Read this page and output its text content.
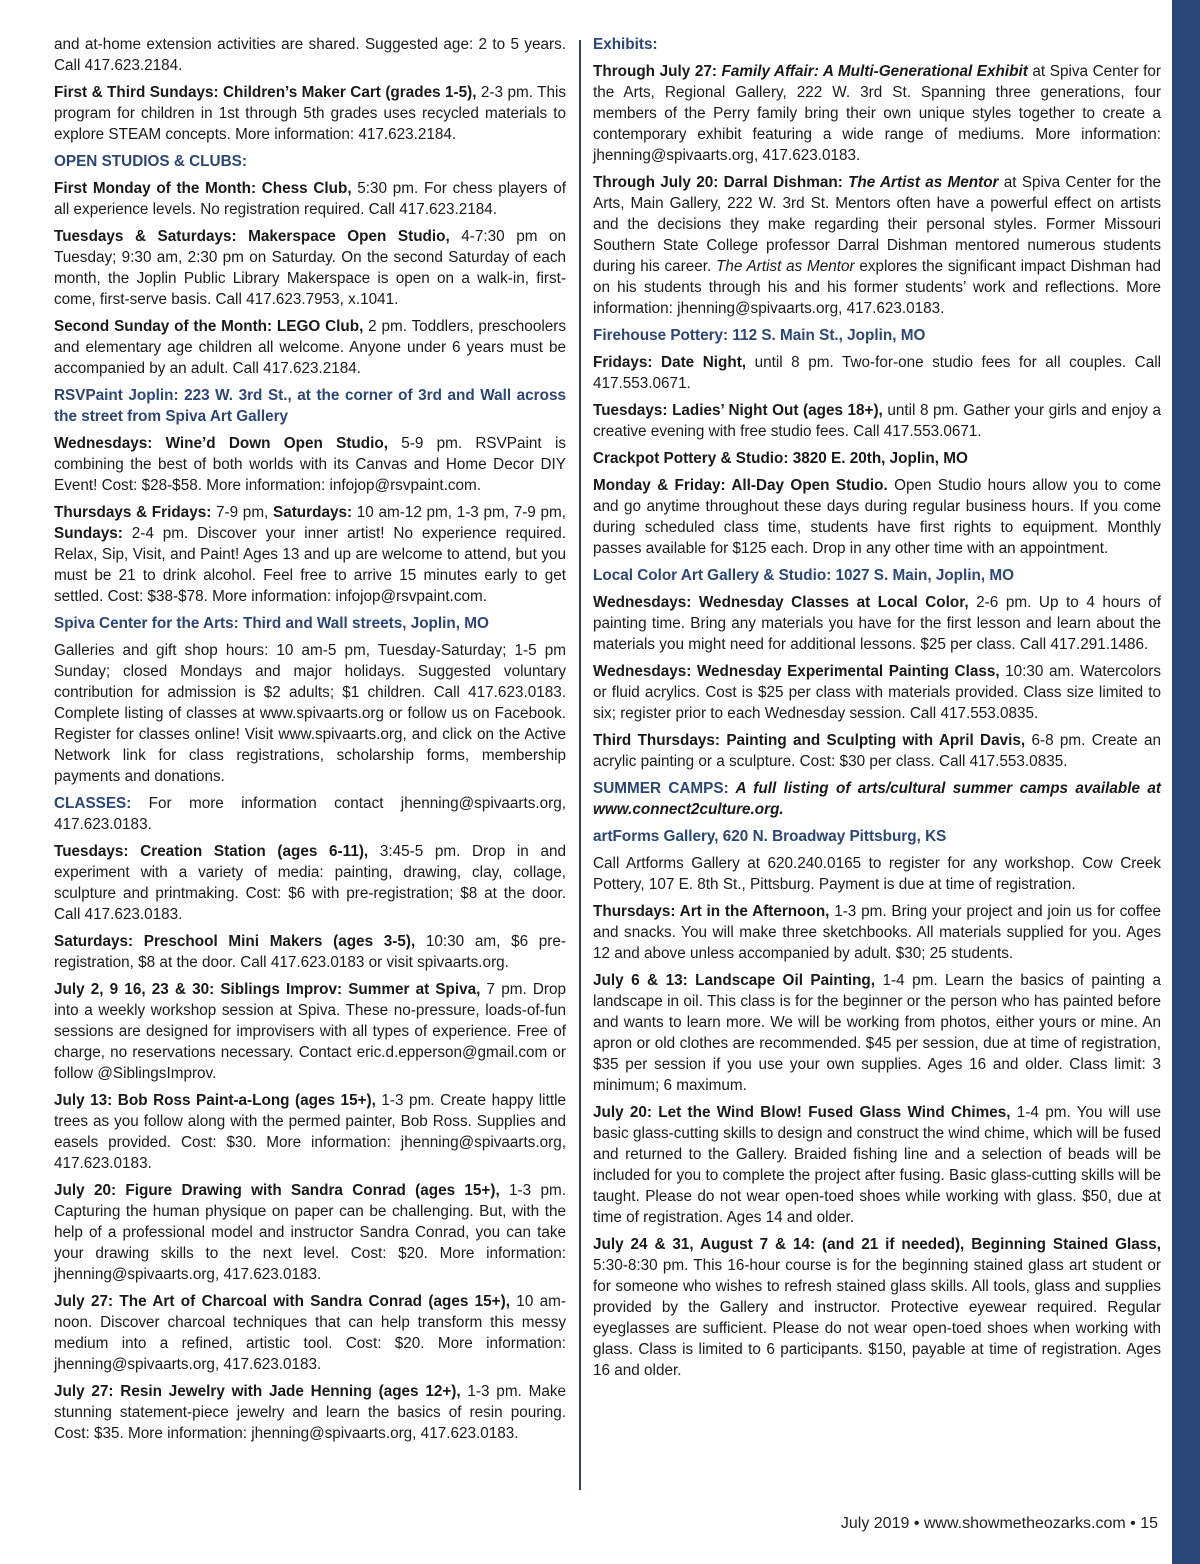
and at-home extension activities are shared. Suggested age: 2 to 5 years. Call 417.623.2184.

First & Third Sundays: Children’s Maker Cart (grades 1-5), 2-3 pm. This program for children in 1st through 5th grades uses recycled materials to explore STEAM concepts. More information: 417.623.2184.

OPEN STUDIOS & CLUBS:

First Monday of the Month: Chess Club, 5:30 pm. For chess players of all experience levels. No registration required. Call 417.623.2184.

Tuesdays & Saturdays: Makerspace Open Studio, 4-7:30 pm on Tuesday; 9:30 am, 2:30 pm on Saturday. On the second Saturday of each month, the Joplin Public Library Makerspace is open on a walk-in, first-come, first-serve basis. Call 417.623.7953, x.1041.

Second Sunday of the Month: LEGO Club, 2 pm. Toddlers, preschoolers and elementary age children all welcome. Anyone under 6 years must be accompanied by an adult. Call 417.623.2184.

RSVPaint Joplin: 223 W. 3rd St., at the corner of 3rd and Wall across the street from Spiva Art Gallery

Wednesdays: Wine’d Down Open Studio, 5-9 pm. RSVPaint is combining the best of both worlds with its Canvas and Home Decor DIY Event! Cost: $28-$58. More information: infojop@rsvpaint.com.

Thursdays & Fridays: 7-9 pm, Saturdays: 10 am-12 pm, 1-3 pm, 7-9 pm, Sundays: 2-4 pm. Discover your inner artist! No experience required. Relax, Sip, Visit, and Paint! Ages 13 and up are welcome to attend, but you must be 21 to drink alcohol. Feel free to arrive 15 minutes early to get settled. Cost: $38-$78. More information: infojop@rsvpaint.com.

Spiva Center for the Arts: Third and Wall streets, Joplin, MO

Galleries and gift shop hours: 10 am-5 pm, Tuesday-Saturday; 1-5 pm Sunday; closed Mondays and major holidays. Suggested voluntary contribution for admission is $2 adults; $1 children. Call 417.623.0183. Complete listing of classes at www.spivaarts.org or follow us on Facebook. Register for classes online! Visit www.spivaarts.org, and click on the Active Network link for class registrations, scholarship forms, membership payments and donations.

CLASSES: For more information contact jhenning@spivaarts.org, 417.623.0183.

Tuesdays: Creation Station (ages 6-11), 3:45-5 pm. Drop in and experiment with a variety of media: painting, drawing, clay, collage, sculpture and printmaking. Cost: $6 with pre-registration; $8 at the door. Call 417.623.0183.

Saturdays: Preschool Mini Makers (ages 3-5), 10:30 am, $6 pre-registration, $8 at the door. Call 417.623.0183 or visit spivaarts.org.

July 2, 9 16, 23 & 30: Siblings Improv: Summer at Spiva, 7 pm. Drop into a weekly workshop session at Spiva. These no-pressure, loads-of-fun sessions are designed for improvisers with all types of experience. Free of charge, no reservations necessary. Contact eric.d.epperson@gmail.com or follow @SiblingsImprov.

July 13: Bob Ross Paint-a-Long (ages 15+), 1-3 pm. Create happy little trees as you follow along with the permed painter, Bob Ross. Supplies and easels provided. Cost: $30. More information: jhenning@spivaarts.org, 417.623.0183.

July 20: Figure Drawing with Sandra Conrad (ages 15+), 1-3 pm. Capturing the human physique on paper can be challenging. But, with the help of a professional model and instructor Sandra Conrad, you can take your drawing skills to the next level. Cost: $20. More information: jhenning@spivaarts.org, 417.623.0183.

July 27: The Art of Charcoal with Sandra Conrad (ages 15+), 10 am-noon. Discover charcoal techniques that can help transform this messy medium into a refined, artistic tool. Cost: $20. More information: jhenning@spivaarts.org, 417.623.0183.

July 27: Resin Jewelry with Jade Henning (ages 12+), 1-3 pm. Make stunning statement-piece jewelry and learn the basics of resin pouring. Cost: $35. More information: jhenning@spivaarts.org, 417.623.0183.

Exhibits:

Through July 27: Family Affair: A Multi-Generational Exhibit at Spiva Center for the Arts, Regional Gallery, 222 W. 3rd St. Spanning three generations, four members of the Perry family bring their own unique styles together to create a contemporary exhibit featuring a wide range of mediums. More information: jhenning@spivaarts.org, 417.623.0183.

Through July 20: Darral Dishman: The Artist as Mentor at Spiva Center for the Arts, Main Gallery, 222 W. 3rd St. Mentors often have a powerful effect on artists and the decisions they make regarding their personal styles. Former Missouri Southern State College professor Darral Dishman mentored numerous students during his career. The Artist as Mentor explores the significant impact Dishman had on his students through his and his former students’ work and reflections. More information: jhenning@spivaarts.org, 417.623.0183.

Firehouse Pottery: 112 S. Main St., Joplin, MO

Fridays: Date Night, until 8 pm. Two-for-one studio fees for all couples. Call 417.553.0671.

Tuesdays: Ladies’ Night Out (ages 18+), until 8 pm. Gather your girls and enjoy a creative evening with free studio fees. Call 417.553.0671.

Crackpot Pottery & Studio: 3820 E. 20th, Joplin, MO

Monday & Friday: All-Day Open Studio. Open Studio hours allow you to come and go anytime throughout these days during regular business hours. If you come during scheduled class time, students have first rights to equipment. Monthly passes available for $125 each. Drop in any other time with an appointment.

Local Color Art Gallery & Studio: 1027 S. Main, Joplin, MO

Wednesdays: Wednesday Classes at Local Color, 2-6 pm. Up to 4 hours of painting time. Bring any materials you have for the first lesson and learn about the materials you might need for additional lessons. $25 per class. Call 417.291.1486.

Wednesdays: Wednesday Experimental Painting Class, 10:30 am. Watercolors or fluid acrylics. Cost is $25 per class with materials provided. Class size limited to six; register prior to each Wednesday session. Call 417.553.0835.

Third Thursdays: Painting and Sculpting with April Davis, 6-8 pm. Create an acrylic painting or a sculpture. Cost: $30 per class. Call 417.553.0835.

SUMMER CAMPS: A full listing of arts/cultural summer camps available at www.connect2culture.org.

artForms Gallery, 620 N. Broadway Pittsburg, KS

Call Artforms Gallery at 620.240.0165 to register for any workshop. Cow Creek Pottery, 107 E. 8th St., Pittsburg. Payment is due at time of registration.

Thursdays: Art in the Afternoon, 1-3 pm. Bring your project and join us for coffee and snacks. You will make three sketchbooks. All materials supplied for you. Ages 12 and above unless accompanied by adult. $30; 25 students.

July 6 & 13: Landscape Oil Painting, 1-4 pm. Learn the basics of painting a landscape in oil. This class is for the beginner or the person who has painted before and wants to learn more. We will be working from photos, either yours or mine. An apron or old clothes are recommended. $45 per session, due at time of registration, $35 per session if you use your own supplies. Ages 16 and older. Class limit: 3 minimum; 6 maximum.

July 20: Let the Wind Blow! Fused Glass Wind Chimes, 1-4 pm. You will use basic glass-cutting skills to design and construct the wind chime, which will be fused and returned to the Gallery. Braided fishing line and a selection of beads will be included for you to complete the project after fusing. Basic glass-cutting skills will be taught. Please do not wear open-toed shoes while working with glass. $50, due at time of registration. Ages 14 and older.

July 24 & 31, August 7 & 14: (and 21 if needed), Beginning Stained Glass, 5:30-8:30 pm. This 16-hour course is for the beginning stained glass art student or for someone who wishes to refresh stained glass skills. All tools, glass and supplies provided by the Gallery and instructor. Protective eyewear required. Regular eyeglasses are sufficient. Please do not wear open-toed shoes when working with glass. Class is limited to 6 participants. $150, payable at time of registration. Ages 16 and older.

July 2019 • www.showmetheozarks.com • 15
